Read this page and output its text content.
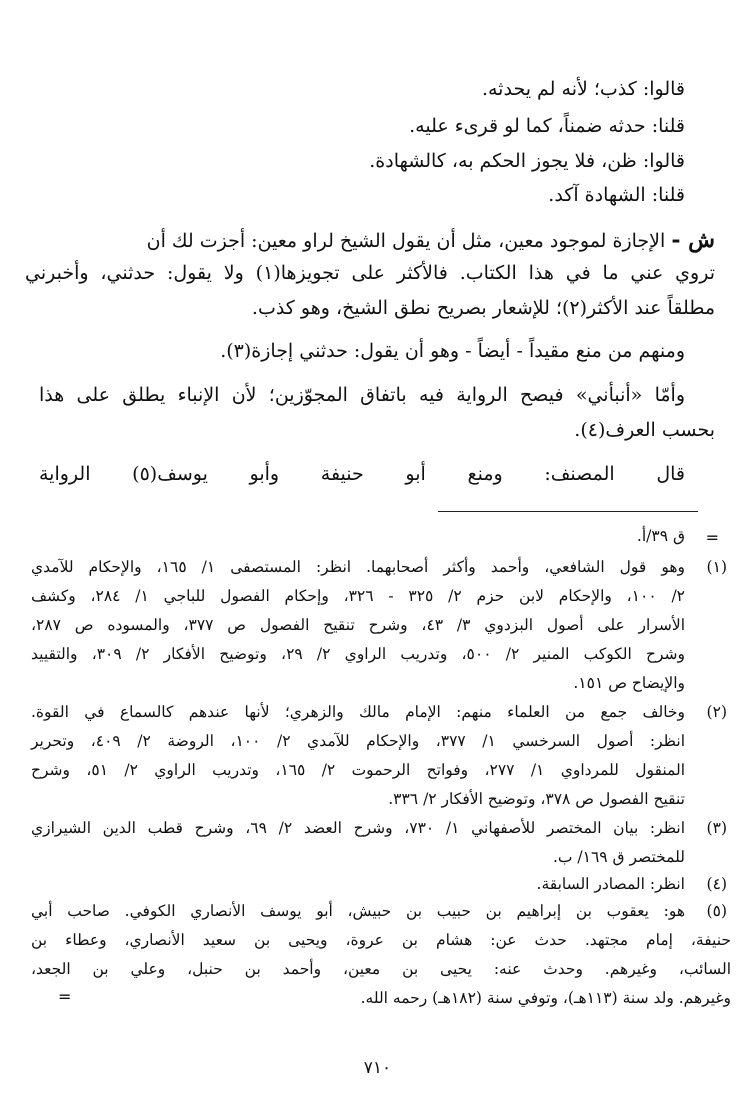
قالوا: كذب؛ لأنه لم يحدثه.
قلنا: حدثه ضمناً، كما لو قرىء عليه.
قالوا: ظن، فلا يجوز الحكم به، كالشهادة.
قلنا: الشهادة آكد.
ش - الإجازة لموجود معين، مثل أن يقول الشيخ لراو معين: أجزت لك أن
تروي عني ما في هذا الكتاب. فالأكثر على تجويزها(١) ولا يقول: حدثني، وأخبرني
مطلقاً عند الأكثر(٢)؛ للإشعار بصريح نطق الشيخ، وهو كذب.
ومنهم من منع مقيداً - أيضاً - وهو أن يقول: حدثني إجازة(٣).
وأمّا «أنبأني» فيصح الرواية فيه باتفاق المجوّزين؛ لأن الإنباء يطلق على هذا
بحسب العرف(٤).
قال المصنف: ومنع أبو حنيفة وأبو يوسف(٥) الرواية
=
ق ٣٩/أ.
(١)
وهو قول الشافعي، وأحمد وأكثر أصحابهما. انظر: المستصفى ١/ ١٦٥، والإحكام للآمدي
٢/ ١٠٠، والإحكام لابن حزم ٢/ ٣٢٥ - ٣٢٦، وإحكام الفصول للباجي ١/ ٢٨٤، وكشف
الأسرار على أصول البزدوي ٣/ ٤٣، وشرح تنقيح الفصول ص ٣٧٧، والمسوده ص ٢٨٧،
وشرح الكوكب المنير ٢/ ٥٠٠، وتدريب الراوي ٢/ ٢٩، وتوضيح الأفكار ٢/ ٣٠٩، والتقييد
والإيضاح ص ١٥١.
(٢)
وخالف جمع من العلماء منهم: الإمام مالك والزهري؛ لأنها عندهم كالسماع في القوة.
انظر: أصول السرخسي ١/ ٣٧٧، والإحكام للآمدي ٢/ ١٠٠، الروضة ٢/ ٤٠٩، وتحرير
المنقول للمرداوي ١/ ٢٧٧، وفواتح الرحموت ٢/ ١٦٥، وتدريب الراوي ٢/ ٥١، وشرح
تنقيح الفصول ص ٣٧٨، وتوضيح الأفكار ٢/ ٣٣٦.
(٣)
انظر: بيان المختصر للأصفهاني ١/ ٧٣٠، وشرح العضد ٢/ ٦٩، وشرح قطب الدين الشيرازي
للمختصر ق ١٦٩/ ب.
(٤)
انظر: المصادر السابقة.
(٥)
هو: يعقوب بن إبراهيم بن حبيب بن حبيش، أبو يوسف الأنصاري الكوفي. صاحب أبي
حنيفة، إمام مجتهد. حدث عن: هشام بن عروة، ويحيى بن سعيد الأنصاري، وعطاء بن
السائب، وغيرهم. وحدث عنه: يحيى بن معين، وأحمد بن حنبل، وعلي بن الجعد،
وغيرهم. ولد سنة (١١٣هـ)، وتوفي سنة (١٨٢هـ) رحمه الله.
=
٧١٠
